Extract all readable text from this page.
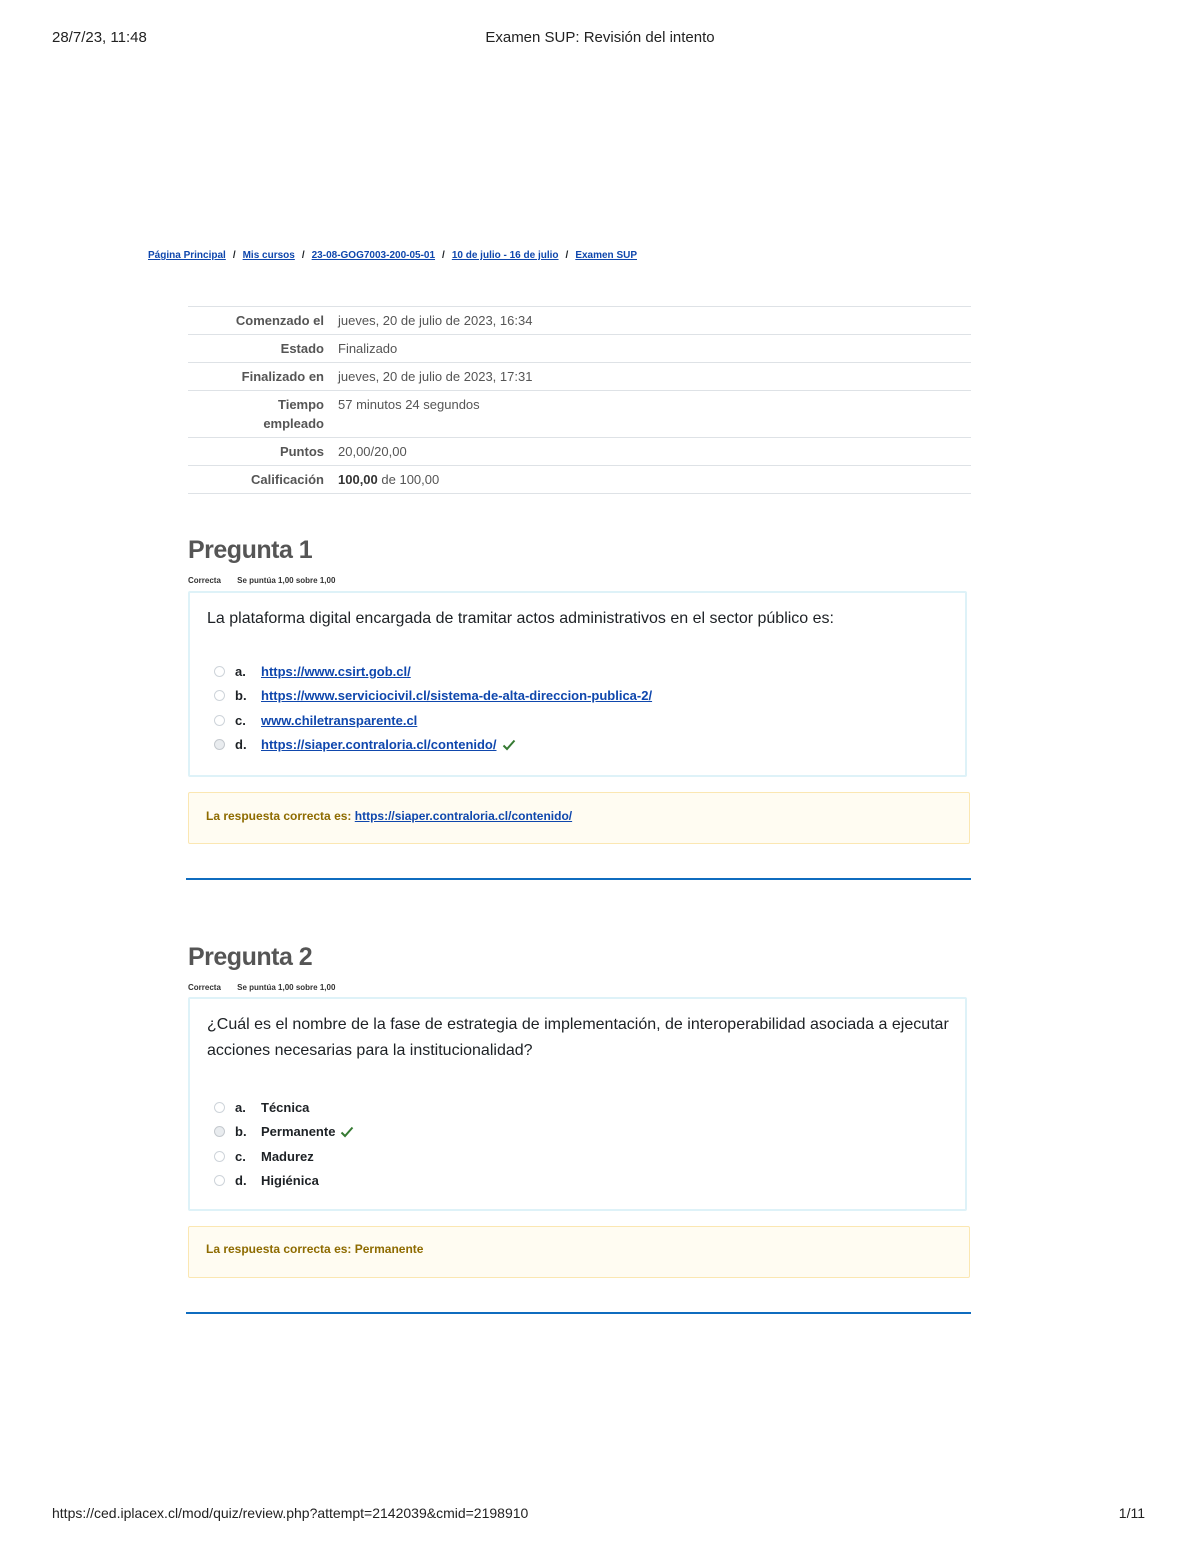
28/7/23, 11:48	Examen SUP: Revisión del intento
Página Principal / Mis cursos / 23-08-GOG7003-200-05-01 / 10 de julio - 16 de julio / Examen SUP
Comenzado el	jueves, 20 de julio de 2023, 16:34
Estado	Finalizado
Finalizado en	jueves, 20 de julio de 2023, 17:31
Tiempo
empleado	57 minutos 24 segundos
Puntos	20,00/20,00
Calificación	100,00 de 100,00
Pregunta 1
Correcta Se puntúa 1,00 sobre 1,00
La plataforma digital encargada de tramitar actos administrativos en el sector público es:
a.	https://www.csirt.gob.cl/
b.	https://www.serviciocivil.cl/sistema-de-alta-direccion-publica-2/
c.	www.chiletransparente.cl
d.	https://siaper.contraloria.cl/contenido/
La respuesta correcta es: https://siaper.contraloria.cl/contenido/
Pregunta 2
Correcta Se puntúa 1,00 sobre 1,00
¿Cuál es el nombre de la fase de estrategia de implementación, de interoperabilidad asociada a ejecutar acciones necesarias para la institucionalidad?
a.	Técnica
b.	Permanente
c.	Madurez
d.	Higiénica
La respuesta correcta es: Permanente
https://ced.iplacex.cl/mod/quiz/review.php?attempt=2142039&cmid=2198910	1/11
